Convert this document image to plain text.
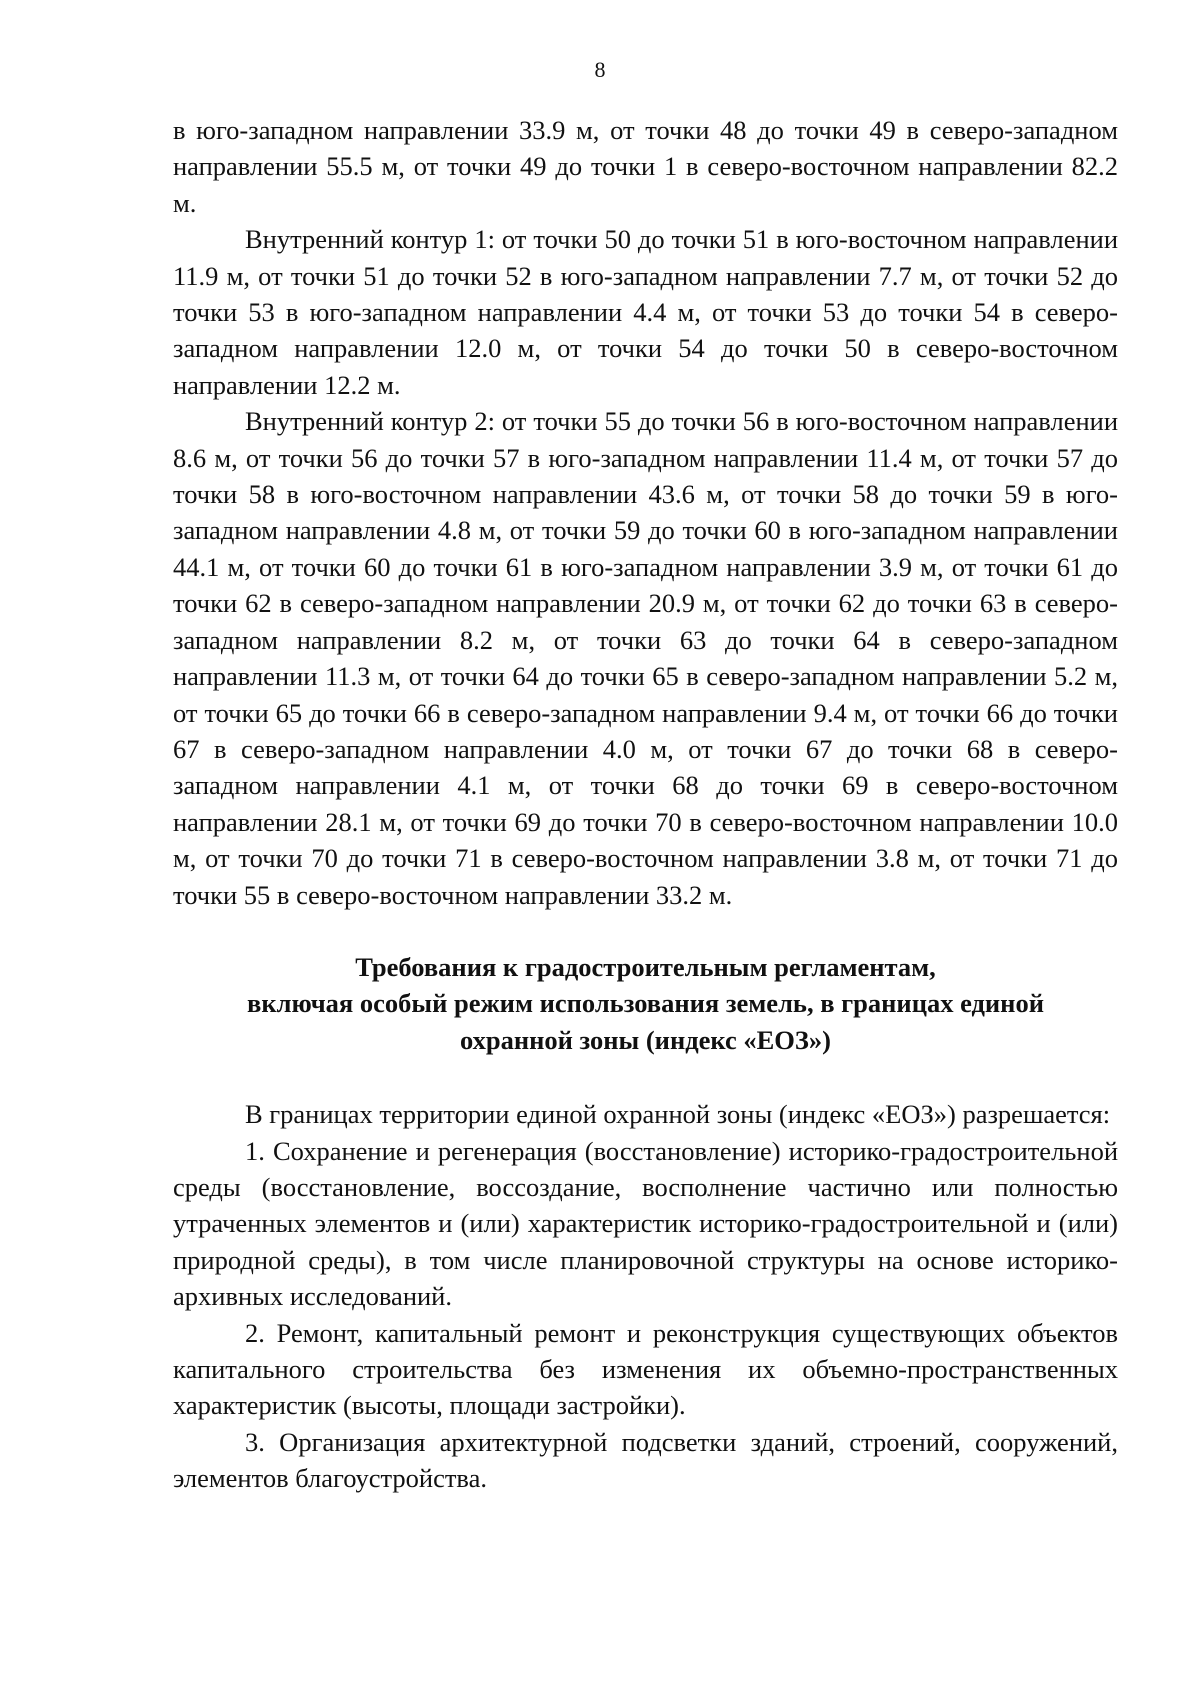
8

в юго-западном направлении 33.9 м, от точки 48 до точки 49 в северо-западном направлении 55.5 м, от точки 49 до точки 1 в северо-восточном направлении 82.2 м.

Внутренний контур 1: от точки 50 до точки 51 в юго-восточном направлении 11.9 м, от точки 51 до точки 52 в юго-западном направлении 7.7 м, от точки 52 до точки 53 в юго-западном направлении 4.4 м, от точки 53 до точки 54 в северо-западном направлении 12.0 м, от точки 54 до точки 50 в северо-восточном направлении 12.2 м.

Внутренний контур 2: от точки 55 до точки 56 в юго-восточном направлении 8.6 м, от точки 56 до точки 57 в юго-западном направлении 11.4 м, от точки 57 до точки 58 в юго-восточном направлении 43.6 м, от точки 58 до точки 59 в юго-западном направлении 4.8 м, от точки 59 до точки 60 в юго-западном направлении 44.1 м, от точки 60 до точки 61 в юго-западном направлении 3.9 м, от точки 61 до точки 62 в северо-западном направлении 20.9 м, от точки 62 до точки 63 в северо-западном направлении 8.2 м, от точки 63 до точки 64 в северо-западном направлении 11.3 м, от точки 64 до точки 65 в северо-западном направлении 5.2 м, от точки 65 до точки 66 в северо-западном направлении 9.4 м, от точки 66 до точки 67 в северо-западном направлении 4.0 м, от точки 67 до точки 68 в северо-западном направлении 4.1 м, от точки 68 до точки 69 в северо-восточном направлении 28.1 м, от точки 69 до точки 70 в северо-восточном направлении 10.0 м, от точки 70 до точки 71 в северо-восточном направлении 3.8 м, от точки 71 до точки 55 в северо-восточном направлении 33.2 м.

Требования к градостроительным регламентам,
включая особый режим использования земель, в границах единой
охранной зоны (индекс «ЕОЗ»)

В границах территории единой охранной зоны (индекс «ЕОЗ») разрешается:

1. Сохранение и регенерация (восстановление) историко-градостроительной среды (восстановление, воссоздание, восполнение частично или полностью утраченных элементов и (или) характеристик историко-градостроительной и (или) природной среды), в том числе планировочной структуры на основе историко-архивных исследований.

2. Ремонт, капитальный ремонт и реконструкция существующих объектов капитального строительства без изменения их объемно-пространственных характеристик (высоты, площади застройки).

3. Организация архитектурной подсветки зданий, строений, сооружений, элементов благоустройства.
